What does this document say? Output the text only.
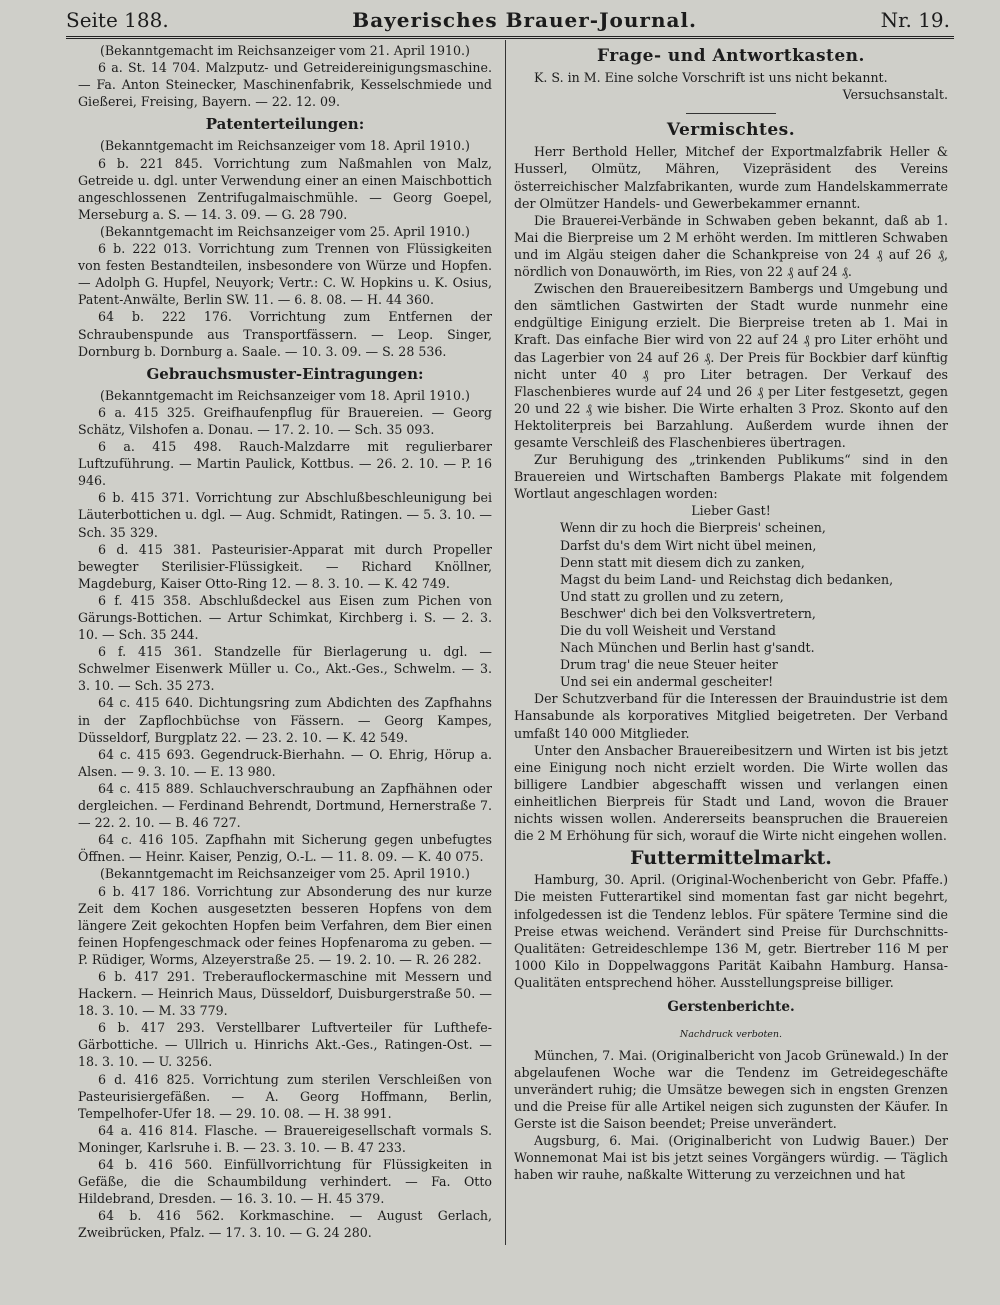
Seite 188.	Bayerisches Brauer-Journal.	Nr. 19.

(Bekanntgemacht im Reichsanzeiger vom 21. April 1910.)

6 a. St. 14 704. Malzputz- und Getreidereinigungsmaschine. — Fa. Anton Steinecker, Maschinenfabrik, Kesselschmiede und Gießerei, Freising, Bayern. — 22. 12. 09.

Patenterteilungen:

(Bekanntgemacht im Reichsanzeiger vom 18. April 1910.)

6 b. 221 845. Vorrichtung zum Naßmahlen von Malz, Getreide u. dgl. unter Verwendung einer an einen Maischbottich angeschlossenen Zentrifugalmaischmühle. — Georg Goepel, Merseburg a. S. — 14. 3. 09. — G. 28 790.

(Bekanntgemacht im Reichsanzeiger vom 25. April 1910.)

6 b. 222 013. Vorrichtung zum Trennen von Flüssigkeiten von festen Bestandteilen, insbesondere von Würze und Hopfen. — Adolph G. Hupfel, Neuyork; Vertr.: C. W. Hopkins u. K. Osius, Patent-Anwälte, Berlin SW. 11. — 6. 8. 08. — H. 44 360.

64 b. 222 176. Vorrichtung zum Entfernen der Schraubenspunde aus Transportfässern. — Leop. Singer, Dornburg b. Dornburg a. Saale. — 10. 3. 09. — S. 28 536.

Gebrauchsmuster-Eintragungen:

(Bekanntgemacht im Reichsanzeiger vom 18. April 1910.)

6 a. 415 325. Greifhaufenpflug für Brauereien. — Georg Schätz, Vilshofen a. Donau. — 17. 2. 10. — Sch. 35 093.

6 a. 415 498. Rauch-Malzdarre mit regulierbarer Luftzuführung. — Martin Paulick, Kottbus. — 26. 2. 10. — P. 16 946.

6 b. 415 371. Vorrichtung zur Abschlußbeschleunigung bei Läuterbottichen u. dgl. — Aug. Schmidt, Ratingen. — 5. 3. 10. — Sch. 35 329.

6 d. 415 381. Pasteurisier-Apparat mit durch Propeller bewegter Sterilisier-Flüssigkeit. — Richard Knöllner, Magdeburg, Kaiser Otto-Ring 12. — 8. 3. 10. — K. 42 749.

6 f. 415 358. Abschlußdeckel aus Eisen zum Pichen von Gärungs-Bottichen. — Artur Schimkat, Kirchberg i. S. — 2. 3. 10. — Sch. 35 244.

6 f. 415 361. Standzelle für Bierlagerung u. dgl. — Schwelmer Eisenwerk Müller u. Co., Akt.-Ges., Schwelm. — 3. 3. 10. — Sch. 35 273.

64 c. 415 640. Dichtungsring zum Abdichten des Zapfhahns in der Zapflochbüchse von Fässern. — Georg Kampes, Düsseldorf, Burgplatz 22. — 23. 2. 10. — K. 42 549.

64 c. 415 693. Gegendruck-Bierhahn. — O. Ehrig, Hörup a. Alsen. — 9. 3. 10. — E. 13 980.

64 c. 415 889. Schlauchverschraubung an Zapfhähnen oder dergleichen. — Ferdinand Behrendt, Dortmund, Hernerstraße 7. — 22. 2. 10. — B. 46 727.

64 c. 416 105. Zapfhahn mit Sicherung gegen unbefugtes Öffnen. — Heinr. Kaiser, Penzig, O.-L. — 11. 8. 09. — K. 40 075.

(Bekanntgemacht im Reichsanzeiger vom 25. April 1910.)

6 b. 417 186. Vorrichtung zur Absonderung des nur kurze Zeit dem Kochen ausgesetzten besseren Hopfens von dem längere Zeit gekochten Hopfen beim Verfahren, dem Bier einen feinen Hopfengeschmack oder feines Hopfenaroma zu geben. — P. Rüdiger, Worms, Alzeyerstraße 25. — 19. 2. 10. — R. 26 282.

6 b. 417 291. Treberauflockermaschine mit Messern und Hackern. — Heinrich Maus, Düsseldorf, Duisburgerstraße 50. — 18. 3. 10. — M. 33 779.

6 b. 417 293. Verstellbarer Luftverteiler für Lufthefe-Gärbottiche. — Ullrich u. Hinrichs Akt.-Ges., Ratingen-Ost. — 18. 3. 10. — U. 3256.

6 d. 416 825. Vorrichtung zum sterilen Verschleißen von Pasteurisiergefäßen. — A. Georg Hoffmann, Berlin, Tempelhofer-Ufer 18. — 29. 10. 08. — H. 38 991.

64 a. 416 814. Flasche. — Brauereigesellschaft vormals S. Moninger, Karlsruhe i. B. — 23. 3. 10. — B. 47 233.

64 b. 416 560. Einfüllvorrichtung für Flüssigkeiten in Gefäße, die die Schaumbildung verhindert. — Fa. Otto Hildebrand, Dresden. — 16. 3. 10. — H. 45 379.

64 b. 416 562. Korkmaschine. — August Gerlach, Zweibrücken, Pfalz. — 17. 3. 10. — G. 24 280.

Frage- und Antwortkasten.

K. S. in M. Eine solche Vorschrift ist uns nicht bekannt.

Versuchsanstalt.

Vermischtes.

Herr Berthold Heller, Mitchef der Exportmalzfabrik Heller & Husserl, Olmütz, Mähren, Vizepräsident des Vereins österreichischer Malzfabrikanten, wurde zum Handelskammerrate der Olmützer Handels- und Gewerbekammer ernannt.

Die Brauerei-Verbände in Schwaben geben bekannt, daß ab 1. Mai die Bierpreise um 2 M erhöht werden. Im mittleren Schwaben und im Algäu steigen daher die Schankpreise von 24 ₰ auf 26 ₰, nördlich von Donauwörth, im Ries, von 22 ₰ auf 24 ₰.

Zwischen den Brauereibesitzern Bambergs und Umgebung und den sämtlichen Gastwirten der Stadt wurde nunmehr eine endgültige Einigung erzielt. Die Bierpreise treten ab 1. Mai in Kraft. Das einfache Bier wird von 22 auf 24 ₰ pro Liter erhöht und das Lagerbier von 24 auf 26 ₰. Der Preis für Bockbier darf künftig nicht unter 40 ₰ pro Liter betragen. Der Verkauf des Flaschenbieres wurde auf 24 und 26 ₰ per Liter festgesetzt, gegen 20 und 22 ₰ wie bisher. Die Wirte erhalten 3 Proz. Skonto auf den Hektoliterpreis bei Barzahlung. Außerdem wurde ihnen der gesamte Verschleiß des Flaschenbieres übertragen.

Zur Beruhigung des „trinkenden Publikums“ sind in den Brauereien und Wirtschaften Bambergs Plakate mit folgendem Wortlaut angeschlagen worden:

Lieber Gast!

Wenn dir zu hoch die Bierpreis' scheinen,
Darfst du's dem Wirt nicht übel meinen,
Denn statt mit diesem dich zu zanken,
Magst du beim Land- und Reichstag dich bedanken,
Und statt zu grollen und zu zetern,
Beschwer' dich bei den Volksvertretern,
Die du voll Weisheit und Verstand
Nach München und Berlin hast g'sandt.
Drum trag' die neue Steuer heiter
Und sei ein andermal gescheiter!

Der Schutzverband für die Interessen der Brauindustrie ist dem Hansabunde als korporatives Mitglied beigetreten. Der Verband umfaßt 140 000 Mitglieder.

Unter den Ansbacher Brauereibesitzern und Wirten ist bis jetzt eine Einigung noch nicht erzielt worden. Die Wirte wollen das billigere Landbier abgeschafft wissen und verlangen einen einheitlichen Bierpreis für Stadt und Land, wovon die Brauer nichts wissen wollen. Andererseits beanspruchen die Brauereien die 2 M Erhöhung für sich, worauf die Wirte nicht eingehen wollen.

Futtermittelmarkt.

Hamburg, 30. April. (Original-Wochenbericht von Gebr. Pfaffe.) Die meisten Futterartikel sind momentan fast gar nicht begehrt, infolgedessen ist die Tendenz leblos. Für spätere Termine sind die Preise etwas weichend. Verändert sind Preise für Durchschnitts-Qualitäten: Getreideschlempe 136 M, getr. Biertreber 116 M per 1000 Kilo in Doppelwaggons Parität Kaibahn Hamburg. Hansa-Qualitäten entsprechend höher. Ausstellungspreise billiger.

Gerstenberichte.

Nachdruck verboten.

München, 7. Mai. (Originalbericht von Jacob Grünewald.) In der abgelaufenen Woche war die Tendenz im Getreidegeschäfte unverändert ruhig; die Umsätze bewegen sich in engsten Grenzen und die Preise für alle Artikel neigen sich zugunsten der Käufer. In Gerste ist die Saison beendet; Preise unverändert.

Augsburg, 6. Mai. (Originalbericht von Ludwig Bauer.) Der Wonnemonat Mai ist bis jetzt seines Vorgängers würdig. — Täglich haben wir rauhe, naßkalte Witterung zu verzeichnen und hat
